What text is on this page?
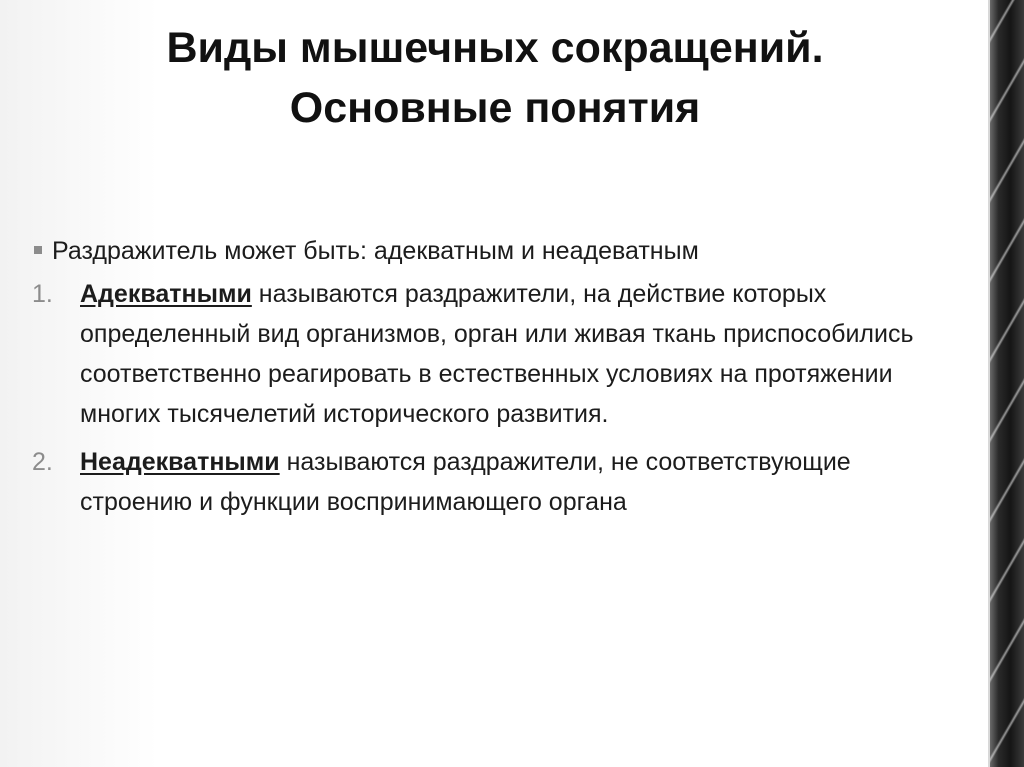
Виды мышечных сокращений.
Основные понятия
Раздражитель может быть: адекватным и неадеватным
1.	Адекватными называются раздражители, на действие которых определенный вид организмов, орган или живая ткань приспособились соответственно реагировать в естественных условиях на протяжении многих тысячелетий исторического развития.
2.	Неадекватными называются раздражители, не соответствующие строению и функции воспринимающего органа
